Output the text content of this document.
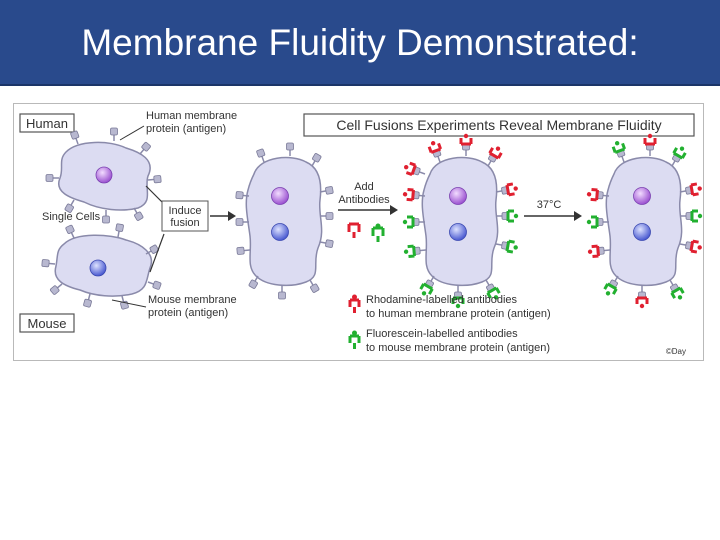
Membrane Fluidity Demonstrated:
Human
Mouse
Cell Fusions Experiments Reveal Membrane Fluidity
Human membrane
protein (antigen)
Single Cells
Mouse membrane
protein (antigen)
Induce
fusion
Add
Antibodies	37°C
Rhodamine-labelled antibodies
to human membrane protein (antigen)
Fluorescein-labelled antibodies
to mouse membrane protein (antigen)	©Day
